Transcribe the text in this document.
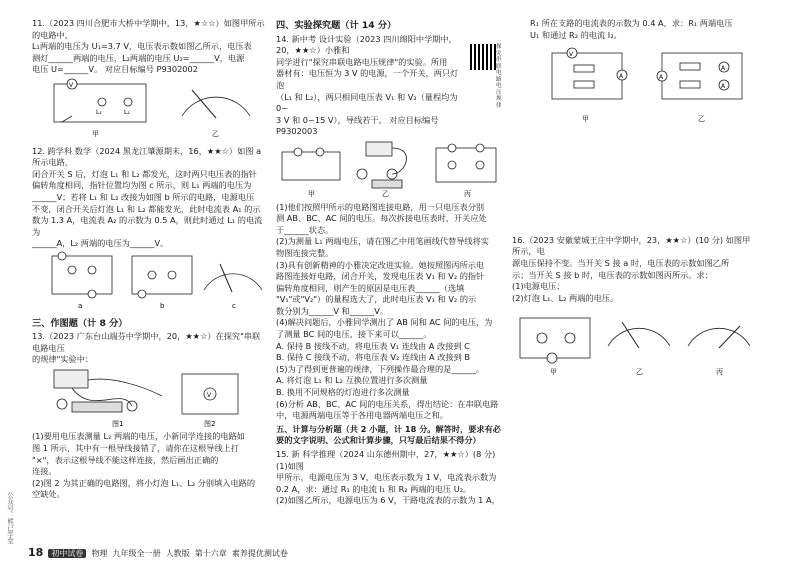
11.（2023 四川合肥市大桥中学期中，13，★☆☆）如图甲所示的电路中，

L₁两端的电压为 U₁=3.7 V，电压表示数如图乙所示，电压表

测灯______两端的电压，L₂两端的电压 U₂=______V，电源

电压 U=______V。 对应目标编号 P9302002

V
L₁	L₂
甲	乙

12. 跨学科 数学（2024 黑龙江肇源期末，16，★★☆）如图 a 所示电路，

闭合开关 S 后，灯泡 L₁ 和 L₂ 都发光，这时两只电压表的指针

偏转角度相同，指针位置均为图 c 所示，则 L₁ 两端的电压为

______V；若将 L₁ 和 L₂ 改接为如图 b 所示的电路，电源电压

不变，闭合开关后灯泡 L₁ 和 L₂ 都能发光，此时电流表 A₁ 的示

数为 1.3 A，电流表 A₂ 的示数为 0.5 A，则此时通过 L₁ 的电流为

______A，L₂ 两端的电压为______V。

a	b	c

三、作图题（计 8 分）

13.（2023 广东台山端芬中学期中，20，★★☆）在探究"串联电路电压

的规律"实验中：

V
图1	图2

(1)要用电压表测量 L₂ 两端的电压，小新同学连接的电路如

图 1 所示，其中有一根导线接错了，请你在这根导线上打

"×"，表示这根导线不能这样连接，然后画出正确的

连接。

(2)图 2 为其正确的电路图，将小灯泡 L₁、L₂ 分别填入电路的

空缺处。

四、实验探究题（计 14 分）

14. 新中考 设计实验（2023 四川绵阳中学期中，20，★★☆）小雅和

同学进行"探究串联电路电压规律"的实验。所用

器材有：电压恒为 3 V 的电源，一个开关，两只灯泡

（L₁ 和 L₂），两只相同电压表 V₁ 和 V₂（量程均为 0~

3 V 和 0~15 V），导线若干。 对应目标编号 P9302003

甲	乙	丙

(1)他们按照甲所示的电路图连接电路，用一只电压表分别

测 AB、BC、AC 间的电压。每次拆接电压表时，开关应处

于______状态。

(2)为测量 L₁ 两端电压，请在图乙中用笔画线代替导线将实

物图连接完整。

(3)具有创新精神的小雅决定改进实验。她按照图丙所示电

路图连接好电路，闭合开关，发现电压表 V₁ 和 V₂ 的指针

偏转角度相同，则产生的原因是电压表______（选填

"V₁"或"V₂"）的量程选大了，此时电压表 V₁ 和 V₂ 的示

数分别为______V 和______V。

(4)解决问题后，小雅同学测出了 AB 间和 AC 间的电压，为

了测量 BC 间的电压，接下来可以______。

A. 保持 B 接线不动，将电压表 V₁ 连线由 A 改接到 C

B. 保持 C 接线不动，将电压表 V₂ 连线由 A 改接到 B

(5)为了得到更普遍的规律，下列操作最合理的是______。

A. 将灯泡 L₁ 和 L₂ 互换位置进行多次测量

B. 换用不同规格的灯泡进行多次测量

(6)分析 AB、BC、AC 间的电压关系，得出结论：在串联电路

中，电源两端电压等于各用电器两端电压之和。

五、计算与分析题（共 2 小题，计 18 分。解答时，要求有必要的文字说明、公式和计算步骤，只写最后结果不得分）

15. 新 科学推理（2024 山东德州期中，27，★★☆）(8 分)(1)如图

甲所示，电源电压为 3 V，电压表示数为 1 V，电流表示数为

0.2 A，求：通过 R₁ 的电流 I₁ 和 R₂ 两端的电压 U₂。

(2)如图乙所示，电源电压为 6 V，干路电流表的示数为 1 A，

探究串联电路电压规律

R₁ 所在支路的电流表的示数为 0.4 A，求：R₁ 两端电压

U₁ 和通过 R₂ 的电流 I₂。

V
A
A
A
A
甲	乙

16.（2023 安徽蒙城王庄中学期中，23，★★☆）(10 分) 如图甲所示，电

源电压保持不变。当开关 S 接 a 时，电压表的示数如图乙所

示；当开关 S 接 b 时，电压表的示数如图丙所示。求：

(1)电源电压；

(2)灯泡 L₁、L₂ 两端的电压。

甲	乙	丙
18 初中试卷 物理 九年级全一册 人教版 第十六章 素养提优测试卷
公众号：熊已学堂
